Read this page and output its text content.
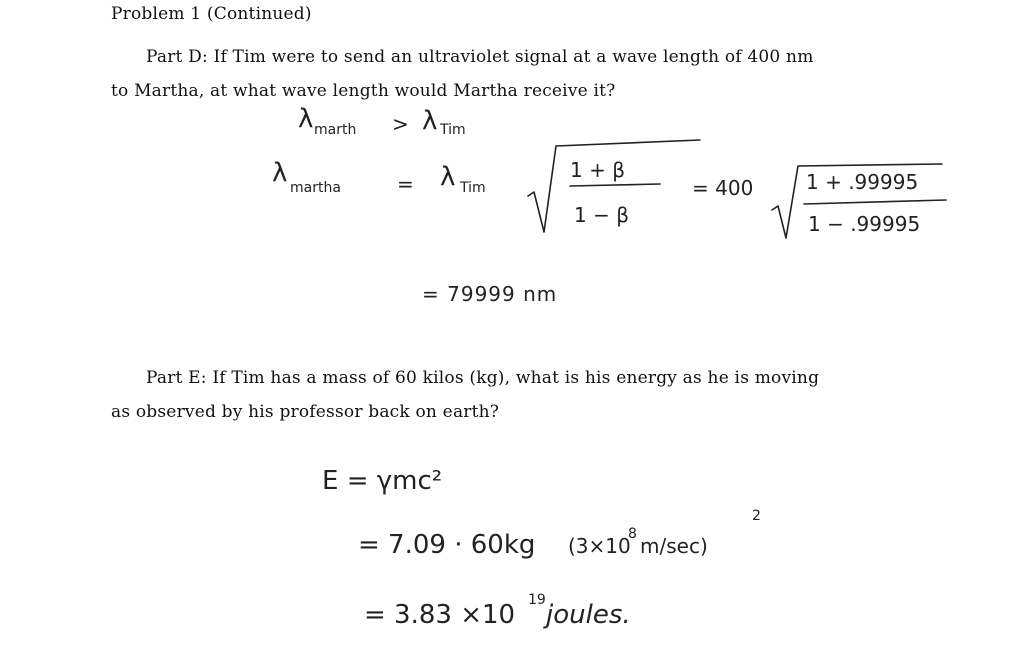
Problem 1 (Continued)
Part D: If Tim were to send an ultraviolet signal at a wave length of 400 nm
to Martha, at what wave length would Martha receive it?
Part E: If Tim has a mass of 60 kilos (kg), what is his energy as he is moving
as observed by his professor back on earth?
λ marth > λ Tim
λ martha	= λ Tim
1 + β
1 − β
= 400	1 + .99995
1 − .99995
= 79999 nm
E = γmc²
= 7.09 · 60kg (3×10
8 m/sec)
2
= 3.83 ×10 19 joules.
